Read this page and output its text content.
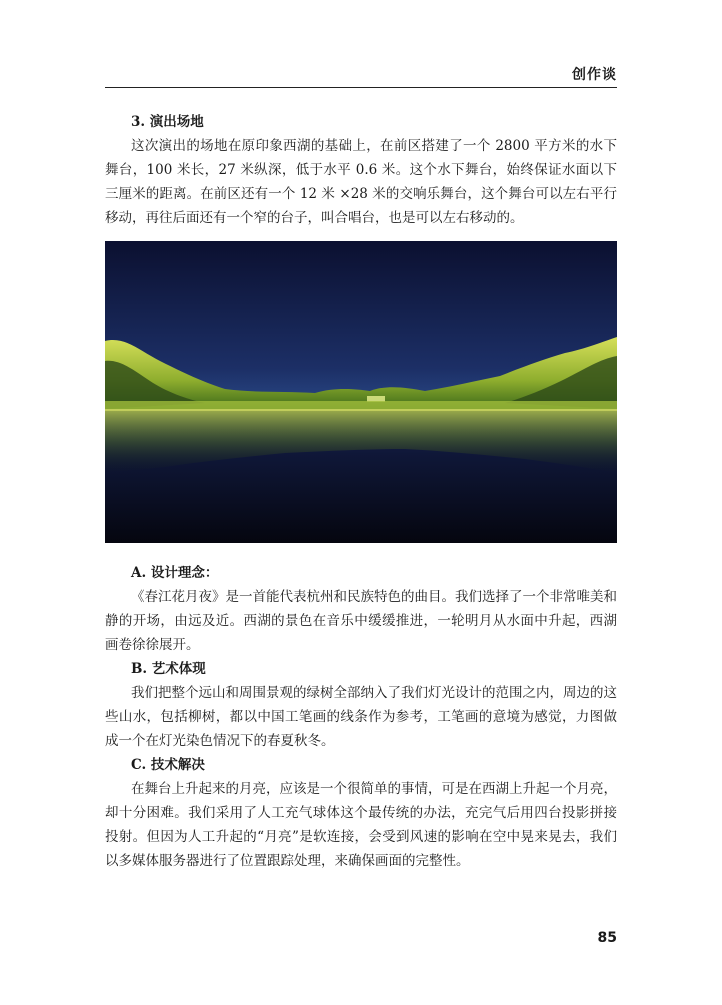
创作谈

3. 演出场地

这次演出的场地在原印象西湖的基础上，在前区搭建了一个 2800 平方米的水下舞台，100 米长，27 米纵深，低于水平 0.6 米。这个水下舞台，始终保证水面以下三厘米的距离。在前区还有一个 12 米 ×28 米的交响乐舞台，这个舞台可以左右平行移动，再往后面还有一个窄的台子，叫合唱台，也是可以左右移动的。

A. 设计理念：

《春江花月夜》是一首能代表杭州和民族特色的曲目。我们选择了一个非常唯美和静的开场，由远及近。西湖的景色在音乐中缓缓推进，一轮明月从水面中升起，西湖画卷徐徐展开。

B. 艺术体现

我们把整个远山和周围景观的绿树全部纳入了我们灯光设计的范围之内，周边的这些山水，包括柳树，都以中国工笔画的线条作为参考，工笔画的意境为感觉，力图做成一个在灯光染色情况下的春夏秋冬。

C. 技术解决

在舞台上升起来的月亮，应该是一个很简单的事情，可是在西湖上升起一个月亮，却十分困难。我们采用了人工充气球体这个最传统的办法，充完气后用四台投影拼接投射。但因为人工升起的“月亮”是软连接，会受到风速的影响在空中晃来晃去，我们以多媒体服务器进行了位置跟踪处理，来确保画面的完整性。

85
